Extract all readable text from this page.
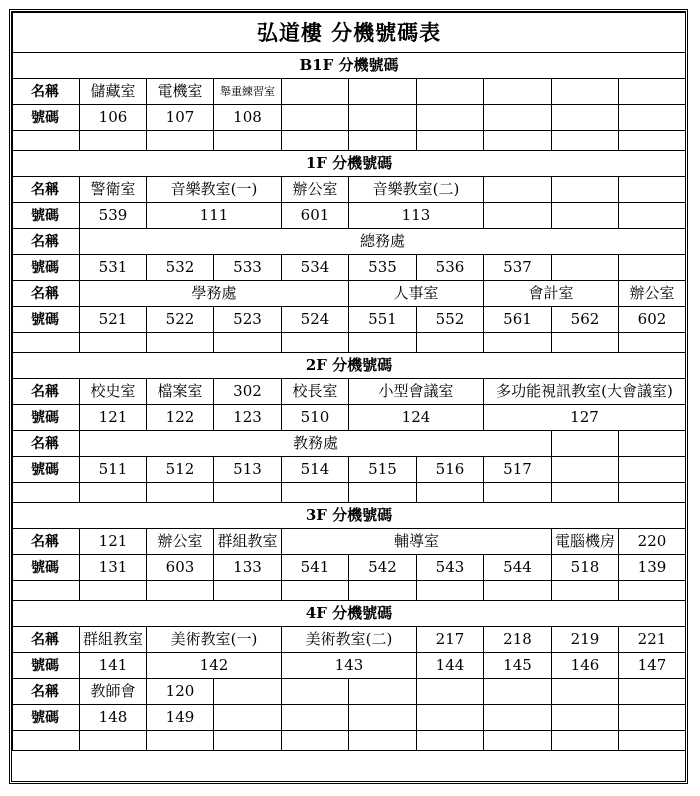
弘道樓 分機號碼表									
B1F 分機號碼									
名稱	儲藏室	電機室	舉重練習室						
號碼	106	107	108						

1F 分機號碼									
名稱	警衛室	音樂教室(一)		辦公室	音樂教室(二)				
號碼	539	111		601	113				
名稱	總務處								
號碼	531	532	533	534	535	536	537		
名稱	學務處				人事室		會計室		辦公室
號碼	521	522	523	524	551	552	561	562	602

2F 分機號碼									
名稱	校史室	檔案室	302	校長室	小型會議室		多功能視訊教室(大會議室)		
號碼	121	122	123	510	124		127		
名稱	教務處								
號碼	511	512	513	514	515	516	517		

3F 分機號碼									
名稱	121	辦公室	群組教室	輔導室				電腦機房	220
號碼	131	603	133	541	542	543	544	518	139

4F 分機號碼									
名稱	群組教室	美術教室(一)		美術教室(二)		217	218	219	221
號碼	141	142		143		144	145	146	147
名稱	教師會	120							
號碼	148	149							
